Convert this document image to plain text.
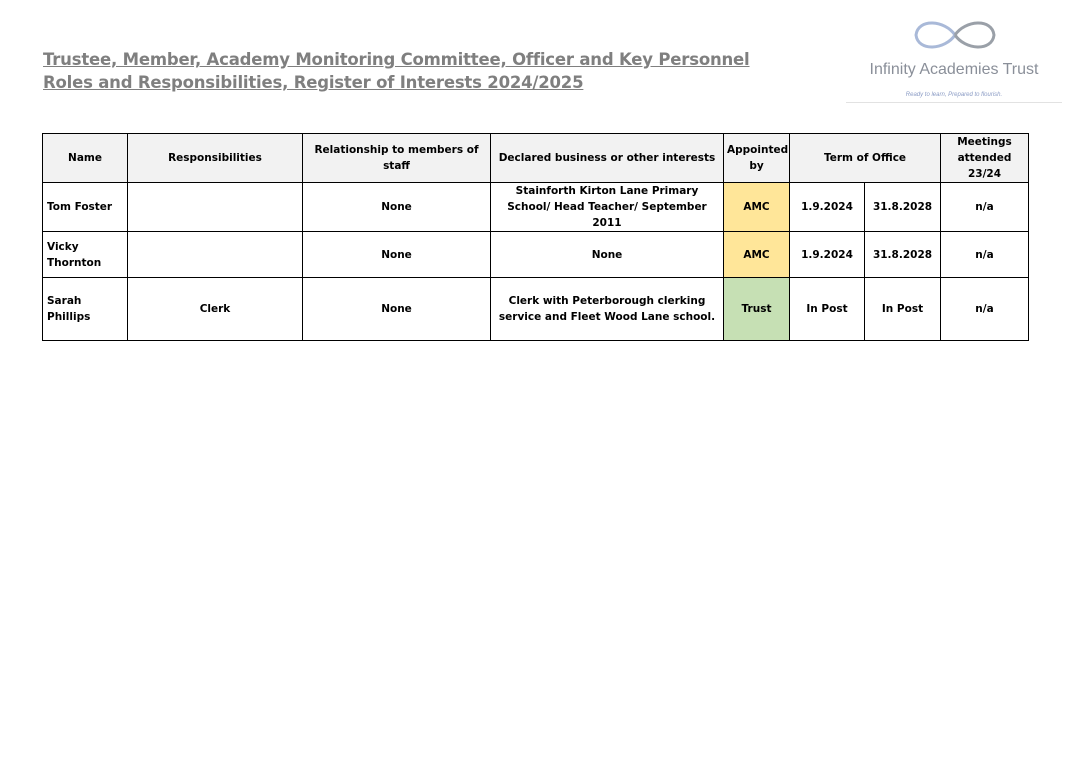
Trustee, Member, Academy Monitoring Committee, Officer and Key Personnel
Roles and Responsibilities, Register of Interests 2024/2025
Infinity Academies Trust
Ready to learn, Prepared to flourish.
Name	Responsibilities	Relationship to members of staff	Declared business or other interests	Appointed by	Term of Office		Meetings attended 23/24
Tom Foster		None	Stainforth Kirton Lane Primary School/ Head Teacher/ September 2011	AMC	1.9.2024	31.8.2028	n/a
Vicky Thornton		None	None	AMC	1.9.2024	31.8.2028	n/a
Sarah Phillips	Clerk	None	Clerk with Peterborough clerking service and Fleet Wood Lane school.	Trust	In Post	In Post	n/a
